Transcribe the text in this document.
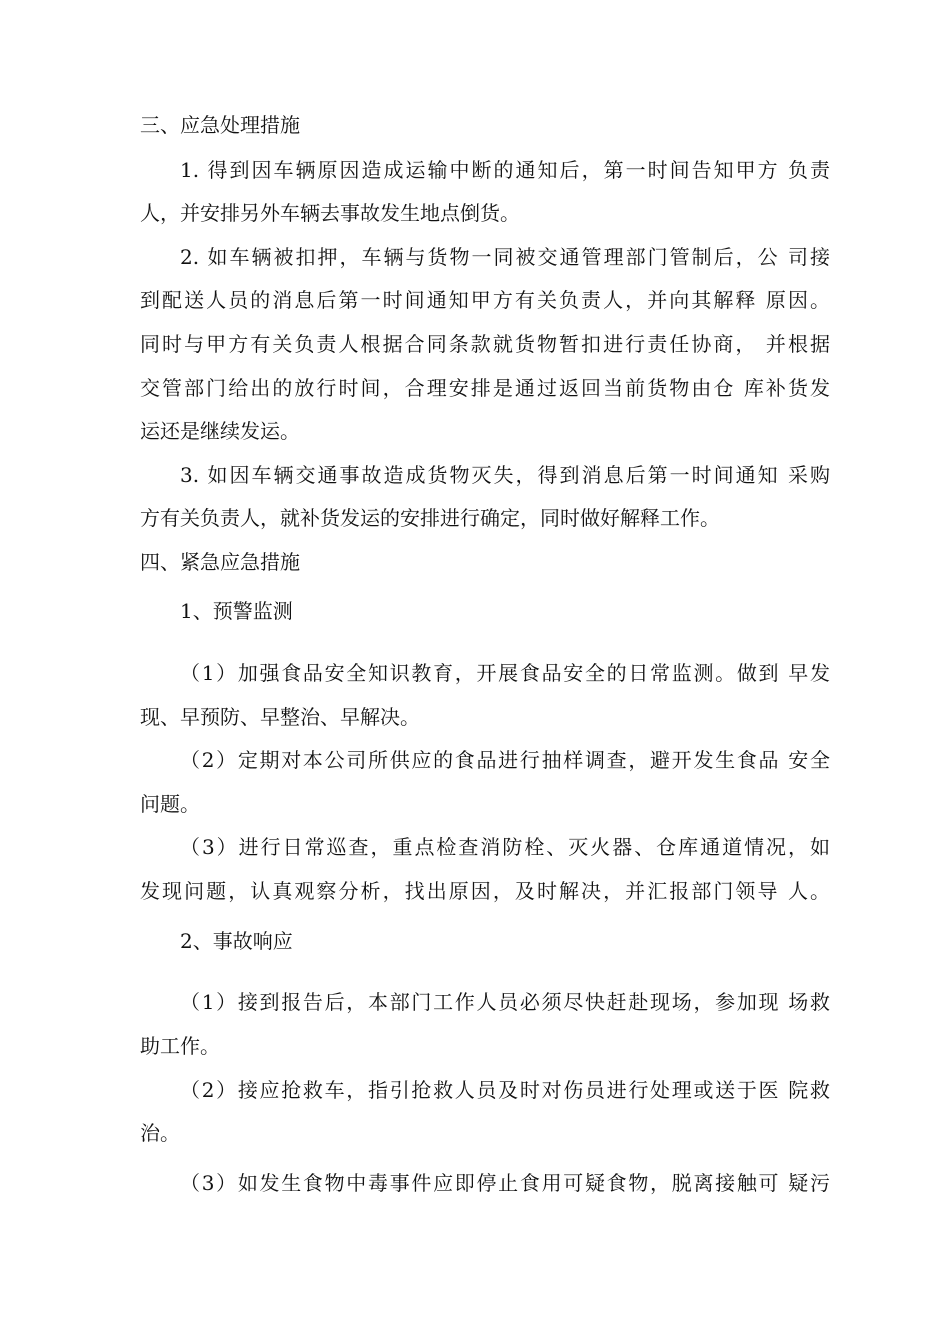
三、应急处理措施
1. 得到因车辆原因造成运输中断的通知后，第一时间告知甲方 负责
人，并安排另外车辆去事故发生地点倒货。
2. 如车辆被扣押，车辆与货物一同被交通管理部门管制后，公 司接
到配送人员的消息后第一时间通知甲方有关负责人，并向其解释 原因。
同时与甲方有关负责人根据合同条款就货物暂扣进行责任协商， 并根据
交管部门给出的放行时间，合理安排是通过返回当前货物由仓 库补货发
运还是继续发运。
3. 如因车辆交通事故造成货物灭失，得到消息后第一时间通知 采购
方有关负责人，就补货发运的安排进行确定，同时做好解释工作。
四、紧急应急措施
1、预警监测
（1）加强食品安全知识教育，开展食品安全的日常监测。做到 早发
现、早预防、早整治、早解决。
（2）定期对本公司所供应的食品进行抽样调查，避开发生食品 安全
问题。
（3）进行日常巡查，重点检查消防栓、灭火器、仓库通道情况，如
发现问题，认真观察分析，找出原因，及时解决，并汇报部门领导 人。
2、事故响应
（1）接到报告后，本部门工作人员必须尽快赶赴现场，参加现 场救
助工作。
（2）接应抢救车，指引抢救人员及时对伤员进行处理或送于医 院救
治。
（3）如发生食物中毒事件应即停止食用可疑食物，脱离接触可 疑污
